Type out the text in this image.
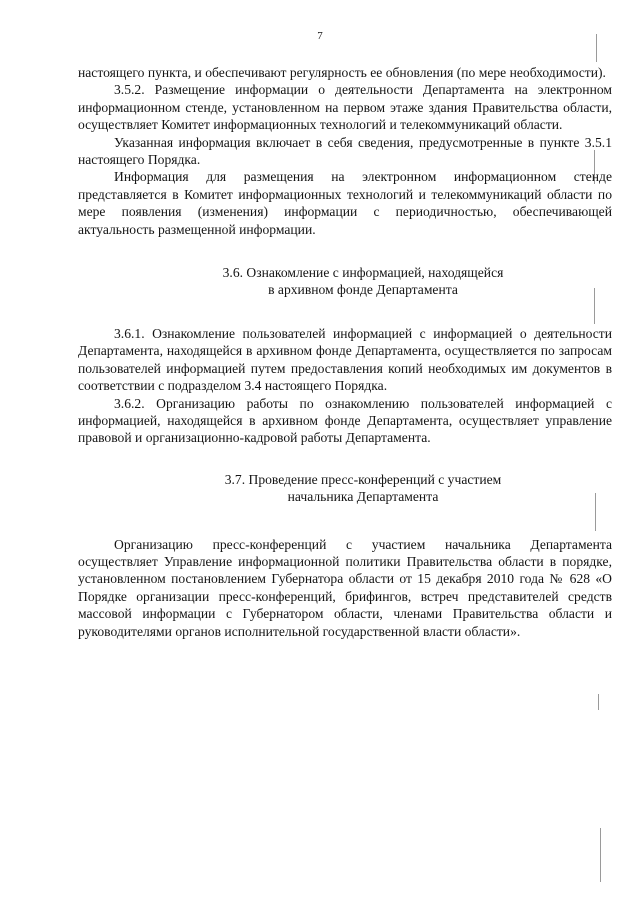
7

настоящего пункта, и обеспечивают регулярность ее обновления (по мере необходимости).

3.5.2. Размещение информации о деятельности Департамента на электронном информационном стенде, установленном на первом этаже здания Правительства области, осуществляет Комитет информационных технологий и телекоммуникаций области.

Указанная информация включает в себя сведения, предусмотренные в пункте 3.5.1 настоящего Порядка.

Информация для размещения на электронном информационном стенде представляется в Комитет информационных технологий и телекоммуникаций области по мере появления (изменения) информации с периодичностью, обеспечивающей актуальность размещенной информации.

3.6. Ознакомление с информацией, находящейся
в архивном фонде Департамента

3.6.1. Ознакомление пользователей информацией с информацией о деятельности Департамента, находящейся в архивном фонде Департамента, осуществляется по запросам пользователей информацией путем предоставления копий необходимых им документов в соответствии с подразделом 3.4 настоящего Порядка.

3.6.2. Организацию работы по ознакомлению пользователей информацией с информацией, находящейся в архивном фонде Департамента, осуществляет управление правовой и организационно-кадровой работы Департамента.

3.7. Проведение пресс-конференций с участием
начальника Департамента

Организацию пресс-конференций с участием начальника Департамента осуществляет Управление информационной политики Правительства области в порядке, установленном постановлением Губернатора области от 15 декабря 2010 года № 628 «О Порядке организации пресс-конференций, брифингов, встреч представителей средств массовой информации с Губернатором области, членами Правительства области и руководителями органов исполнительной государственной власти области».
